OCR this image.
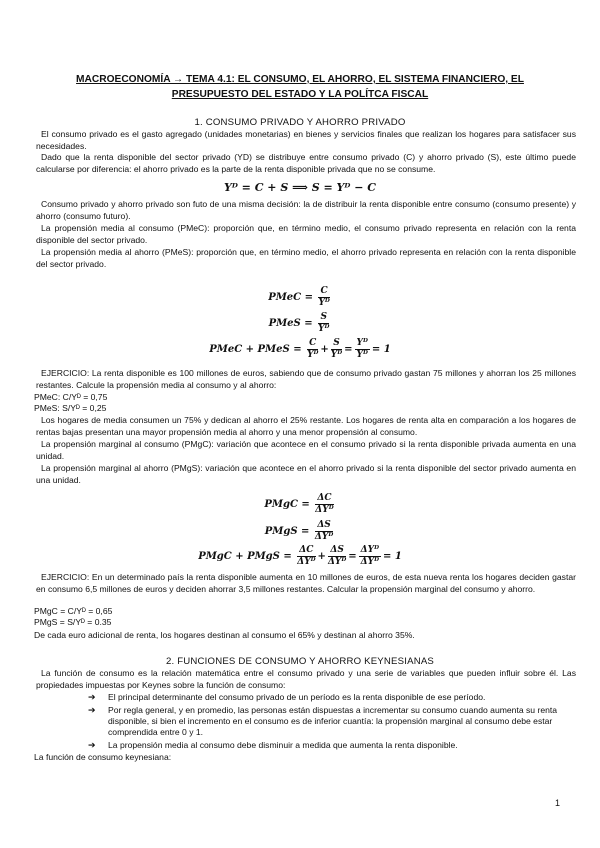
MACROECONOMÍA → TEMA 4.1: EL CONSUMO, EL AHORRO, EL SISTEMA FINANCIERO, EL
PRESUPUESTO DEL ESTADO Y LA POLÍTCA FISCAL
1. CONSUMO PRIVADO Y AHORRO PRIVADO
El consumo privado es el gasto agregado (unidades monetarias) en bienes y servicios finales que realizan los hogares para satisfacer sus necesidades.
Dado que la renta disponible del sector privado (YD) se distribuye entre consumo privado (C) y ahorro privado (S), este último puede calcularse por diferencia: el ahorro privado es la parte de la renta disponible privada que no se consume.
Yᴰ = C + S ⟹ S = Yᴰ − C
Consumo privado y ahorro privado son futo de una misma decisión: la de distribuir la renta disponible entre consumo (consumo presente) y ahorro (consumo futuro).
La propensión media al consumo (PMeC): proporción que, en término medio, el consumo privado representa en relación con la renta disponible del sector privado.
La propensión media al ahorro (PMeS): proporción que, en término medio, el ahorro privado representa en relación con la renta disponible del sector privado.
PMeC = $\frac{C}{\text{Yᴰ}}$
PMeS = $\frac{S}{\text{Yᴰ}}$
PMeC + PMeS = $\frac{C}{\text{Yᴰ}} + \frac{S}{\text{Yᴰ}} = \frac{\text{Yᴰ}}{\text{Yᴰ}} = 1$
EJERCICIO: La renta disponible es 100 millones de euros, sabiendo que de consumo privado gastan 75 millones y ahorran los 25 millones restantes. Calcule la propensión media al consumo y al ahorro:
PMeC: C/Yᴰ = 0,75
PMeS: S/Yᴰ = 0,25
Los hogares de media consumen un 75% y dedican al ahorro el 25% restante. Los hogares de renta alta en comparación a los hogares de rentas bajas presentan una mayor propensión media al ahorro y una menor propensión al consumo.
La propensión marginal al consumo (PMgC): variación que acontece en el consumo privado si la renta disponible privada aumenta en una unidad.
La propensión marginal al ahorro (PMgS): variación que acontece en el ahorro privado si la renta disponible del sector privado aumenta en una unidad.
PMgC = $\frac{\Delta C}{\text{ΔYᴰ}}$
PMgS = $\frac{\Delta S}{\text{ΔYᴰ}}$
PMgC + PMgS = $\frac{\Delta C}{\text{ΔYᴰ}} + \frac{\Delta S}{\text{ΔYᴰ}} = \frac{\text{ΔYᴰ}}{\text{ΔYᴰ}} = 1$
EJERCICIO: En un determinado país la renta disponible aumenta en 10 millones de euros, de esta nueva renta los hogares deciden gastar en consumo 6,5 millones de euros y deciden ahorrar 3,5 millones restantes. Calcular la propensión marginal del consumo y ahorro.
PMgC = C/Yᴰ = 0,65
PMgS = S/Yᴰ = 0.35
De cada euro adicional de renta, los hogares destinan al consumo el 65% y destinan al ahorro 35%.
2. FUNCIONES DE CONSUMO Y AHORRO KEYNESIANAS
La función de consumo es la relación matemática entre el consumo privado y una serie de variables que pueden influir sobre él. Las propiedades impuestas por Keynes sobre la función de consumo:
➔ El principal determinante del consumo privado de un período es la renta disponible de ese período.
➔ Por regla general, y en promedio, las personas están dispuestas a incrementar su consumo cuando aumenta su renta disponible, si bien el incremento en el consumo es de inferior cuantía: la propensión marginal al consumo debe estar comprendida entre 0 y 1.
➔ La propensión media al consumo debe disminuir a medida que aumenta la renta disponible.
La función de consumo keynesiana:
1
